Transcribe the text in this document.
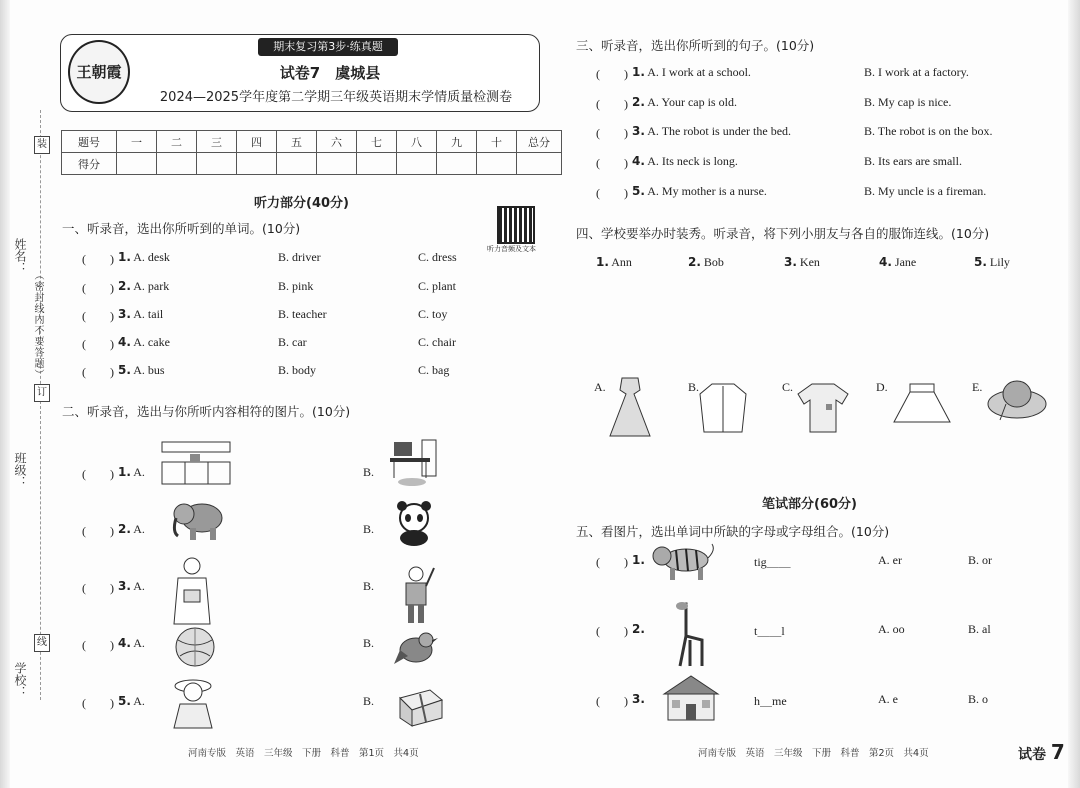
姓名：
班级：
学校：
（密封线内不要答题）
装
订
线
期末复习第3步·练真题
王朝霞	试卷7　虞城县
2024—2025学年度第二学期三年级英语期末学情质量检测卷
题号	一	二	三	四	五	六	七	八	九	十	总分
得分											
听力部分(40分)
听力音频及文本
一、听录音，选出你所听到的单词。(10分)
(　　) 1. A. desk	B. driver	C. dress
(　　) 2. A. park	B. pink	C. plant
(　　) 3. A. tail	B. teacher	C. toy
(　　) 4. A. cake	B. car	C. chair
(　　) 5. A. bus	B. body	C. bag
二、听录音，选出与你所听内容相符的图片。(10分)
(　　) 1. A.	B.
(　　) 2. A.	B.
(　　) 3. A.	B.
(　　) 4. A.	B.
(　　) 5. A.	B.
河南专版　英语　三年级　下册　科普　第1页　共4页
三、听录音，选出你所听到的句子。(10分)
(　　) 1. A. I work at a school.	B. I work at a factory.
(　　) 2. A. Your cap is old.	B. My cap is nice.
(　　) 3. A. The robot is under the bed.	B. The robot is on the box.
(　　) 4. A. Its neck is long.	B. Its ears are small.
(　　) 5. A. My mother is a nurse.	B. My uncle is a fireman.
四、学校要举办时装秀。听录音，将下列小朋友与各自的服饰连线。(10分)
1. Ann	2. Bob	3. Ken	4. Jane	5. Lily
A.	B.	C.	D.	E.
笔试部分(60分)
五、看图片，选出单词中所缺的字母或字母组合。(10分)
(　　) 1.	tig＿＿	A. er	B. or
(　　) 2.	t＿＿l	A. oo	B. al
(　　) 3.	h＿me	A. e	B. o
河南专版　英语　三年级　下册　科普　第2页　共4页	试卷 7
